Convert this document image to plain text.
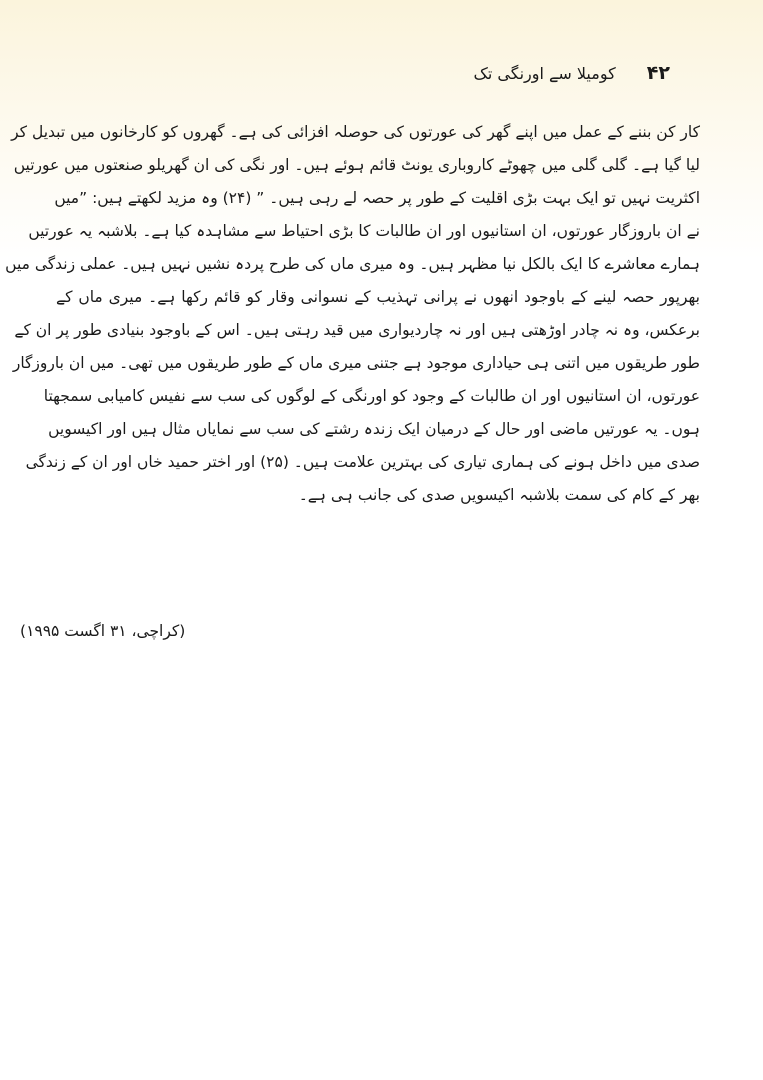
۴۲ کومیلا سے اورنگی تک
کار کن بننے کے عمل میں اپنے گھر کی عورتوں کی حوصلہ افزائی کی ہے۔ گھروں کو کارخانوں میں تبدیل کر
لیا گیا ہے۔ گلی گلی میں چھوٹے کاروباری یونٹ قائم ہوئے ہیں۔ اور نگی کی ان گھریلو صنعتوں میں عورتیں
اکثریت نہیں تو ایک بہت بڑی اقلیت کے طور پر حصہ لے رہی ہیں۔ ” (۲۴) وہ مزید لکھتے ہیں: ”میں
نے ان باروزگار عورتوں، ان استانیوں اور ان طالبات کا بڑی احتیاط سے مشاہدہ کیا ہے۔ بلاشبہ یہ عورتیں
ہمارے معاشرے کا ایک بالکل نیا مظہر ہیں۔ وہ میری ماں کی طرح پردہ نشیں نہیں ہیں۔ عملی زندگی میں
بھرپور حصہ لینے کے باوجود انھوں نے پرانی تہذیب کے نسوانی وقار کو قائم رکھا ہے۔ میری ماں کے
برعکس، وہ نہ چادر اوڑھتی ہیں اور نہ چاردیواری میں قید رہتی ہیں۔ اس کے باوجود بنیادی طور پر ان کے
طور طریقوں میں اتنی ہی حیاداری موجود ہے جتنی میری ماں کے طور طریقوں میں تھی۔ میں ان باروزگار
عورتوں، ان استانیوں اور ان طالبات کے وجود کو اورنگی کے لوگوں کی سب سے نفیس کامیابی سمجھتا
ہوں۔ یہ عورتیں ماضی اور حال کے درمیان ایک زندہ رشتے کی سب سے نمایاں مثال ہیں اور اکیسویں
صدی میں داخل ہونے کی ہماری تیاری کی بہترین علامت ہیں۔ (۲۵) اور اختر حمید خاں اور ان کے زندگی
بھر کے کام کی سمت بلاشبہ اکیسویں صدی کی جانب ہی ہے۔
(کراچی، ۳۱ اگست ۱۹۹۵)
